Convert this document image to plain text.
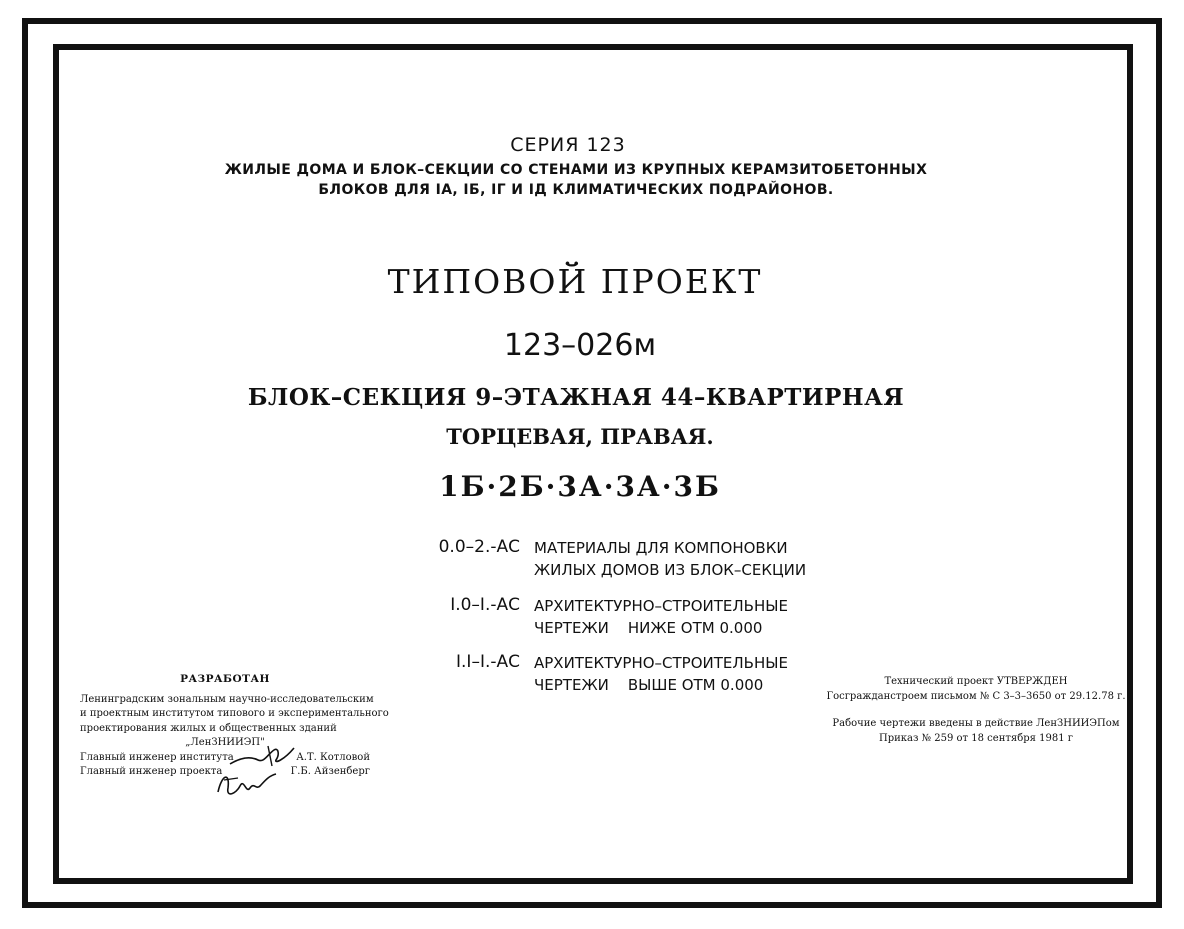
СЕРИЯ 123
ЖИЛЫЕ ДОМА И БЛОК–СЕКЦИИ СО СТЕНАМИ ИЗ КРУПНЫХ КЕРАМЗИТОБЕТОННЫХ
БЛОКОВ ДЛЯ IА, IБ, IГ И IД КЛИМАТИЧЕСКИХ ПОДРАЙОНОВ.
ТИПОВОЙ ПРОЕКТ
123–026м
БЛОК–СЕКЦИЯ 9–ЭТАЖНАЯ 44–КВАРТИРНАЯ
ТОРЦЕВАЯ, ПРАВАЯ.
1Б·2Б·3А·3А·3Б
0.0–2.-АС МАТЕРИАЛЫ ДЛЯ КОМПОНОВКИ
ЖИЛЫХ ДОМОВ ИЗ БЛОК–СЕКЦИИ
I.0–I.-АС АРХИТЕКТУРНО–СТРОИТЕЛЬНЫЕ
ЧЕРТЕЖИ    НИЖЕ ОТМ 0.000
I.I–I.-АС АРХИТЕКТУРНО–СТРОИТЕЛЬНЫЕ
ЧЕРТЕЖИ    ВЫШЕ ОТМ 0.000
РАЗРАБОТАН
Ленинградским зональным научно-исследовательским
и проектным институтом типового и экспериментального
проектирования жилых и общественных зданий
„ЛенЗНИИЭП"
Главный инженер института	А.Т. Котловой
Главный инженер проекта	Г.Б. Айзенберг
Технический проект УТВЕРЖДЕН
Госгражданстроем письмом № С 3–3–3650 от 29.12.78 г.
Рабочие чертежи введены в действие ЛенЗНИИЭПом
Приказ № 259 от 18 сентября 1981 г
